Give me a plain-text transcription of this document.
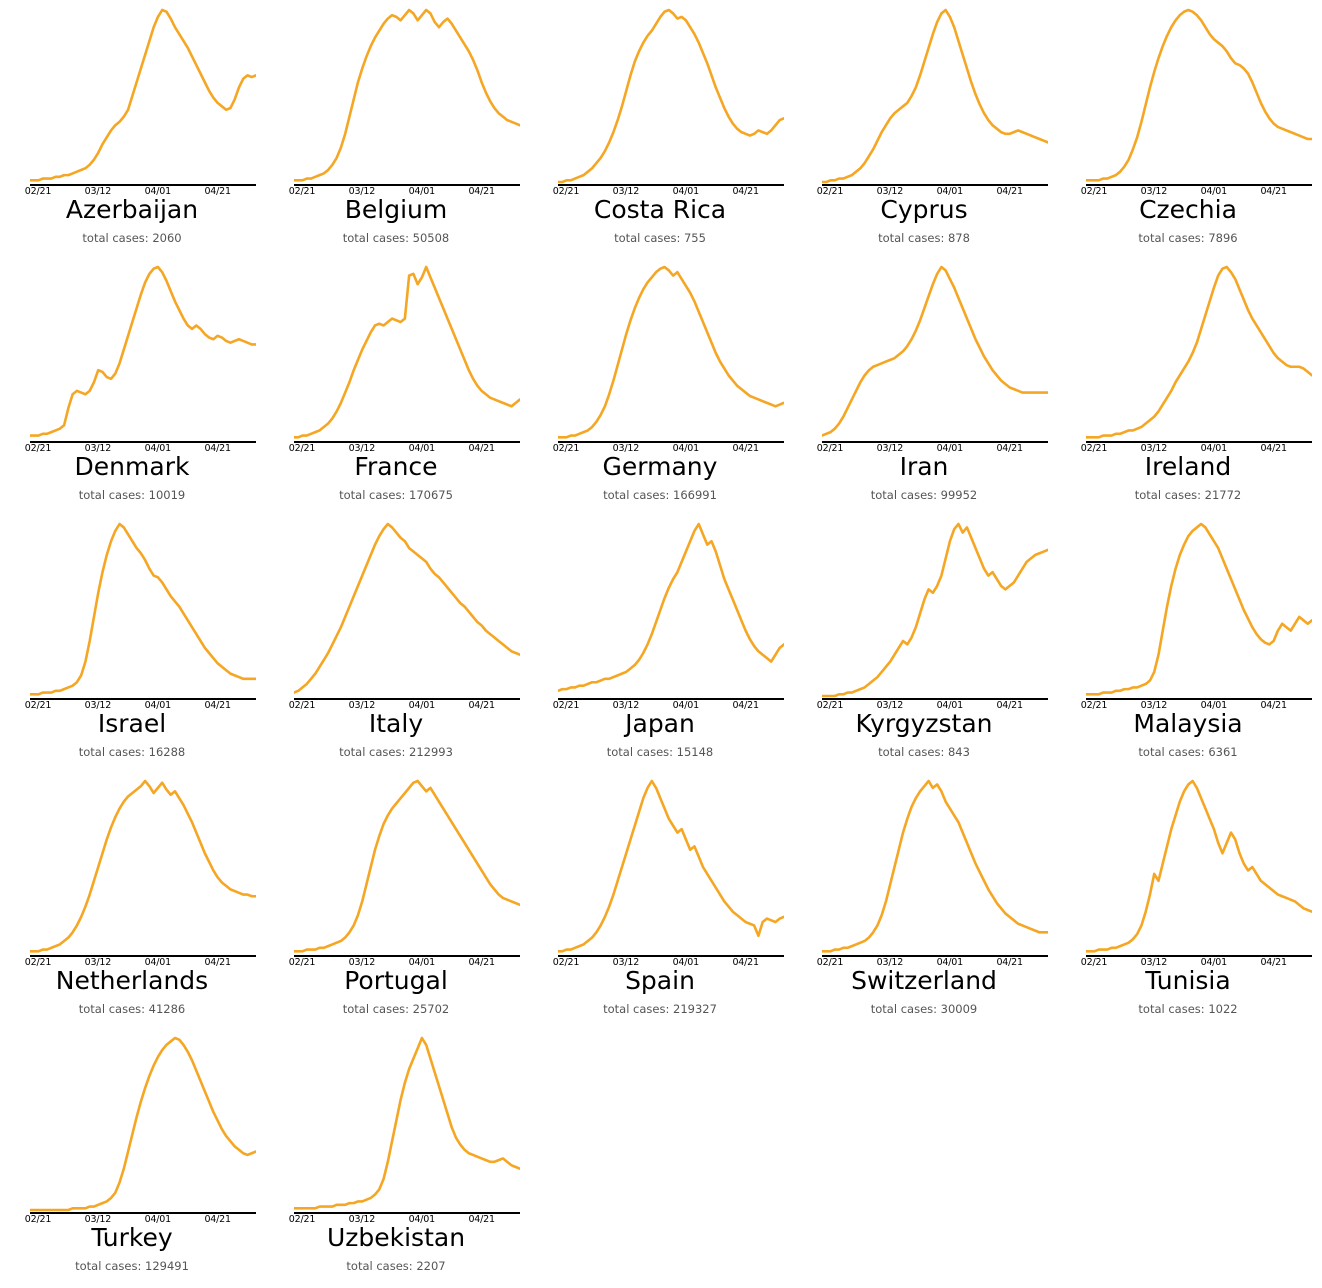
02/21	03/12	04/01	04/21
Azerbaijan
total cases: 2060
02/21	03/12	04/01	04/21
Belgium
total cases: 50508
02/21	03/12	04/01	04/21
Costa Rica
total cases: 755
02/21	03/12	04/01	04/21
Cyprus
total cases: 878
02/21	03/12	04/01	04/21
Czechia
total cases: 7896
02/21	03/12	04/01	04/21
Denmark
total cases: 10019
02/21	03/12	04/01	04/21
France
total cases: 170675
02/21	03/12	04/01	04/21
Germany
total cases: 166991
02/21	03/12	04/01	04/21
Iran
total cases: 99952
02/21	03/12	04/01	04/21
Ireland
total cases: 21772
02/21	03/12	04/01	04/21
Israel
total cases: 16288
02/21	03/12	04/01	04/21
Italy
total cases: 212993
02/21	03/12	04/01	04/21
Japan
total cases: 15148
02/21	03/12	04/01	04/21
Kyrgyzstan
total cases: 843
02/21	03/12	04/01	04/21
Malaysia
total cases: 6361
02/21	03/12	04/01	04/21
Netherlands
total cases: 41286
02/21	03/12	04/01	04/21
Portugal
total cases: 25702
02/21	03/12	04/01	04/21
Spain
total cases: 219327
02/21	03/12	04/01	04/21
Switzerland
total cases: 30009
02/21	03/12	04/01	04/21
Tunisia
total cases: 1022
02/21	03/12	04/01	04/21
Turkey
total cases: 129491
02/21	03/12	04/01	04/21
Uzbekistan
total cases: 2207
